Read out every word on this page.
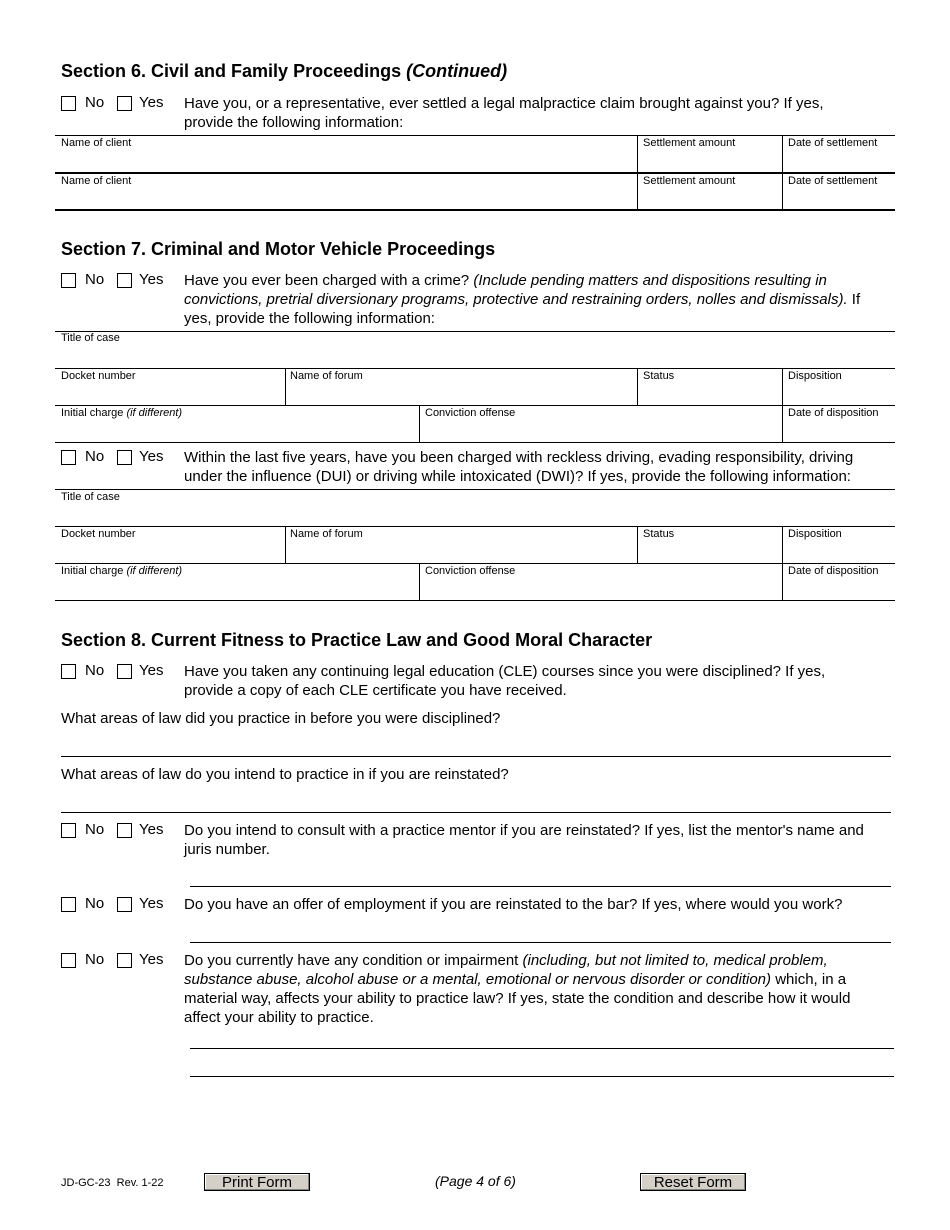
Section 6. Civil and Family Proceedings (Continued)
No Yes Have you, or a representative, ever settled a legal malpractice claim brought against you? If yes, provide the following information:
Name of client	Settlement amount	Date of settlement
Name of client	Settlement amount	Date of settlement
Section 7. Criminal and Motor Vehicle Proceedings
No Yes Have you ever been charged with a crime? (Include pending matters and dispositions resulting in convictions, pretrial diversionary programs, protective and restraining orders, nolles and dismissals). If yes, provide the following information:
Title of case
Docket number	Name of forum	Status	Disposition
Initial charge (if different)	Conviction offense	Date of disposition
No Yes Within the last five years, have you been charged with reckless driving, evading responsibility, driving under the influence (DUI) or driving while intoxicated (DWI)? If yes, provide the following information:
Title of case
Docket number	Name of forum	Status	Disposition
Initial charge (if different)	Conviction offense	Date of disposition
Section 8. Current Fitness to Practice Law and Good Moral Character
No Yes Have you taken any continuing legal education (CLE) courses since you were disciplined? If yes, provide a copy of each CLE certificate you have received.
What areas of law did you practice in before you were disciplined?
What areas of law do you intend to practice in if you are reinstated?
No Yes Do you intend to consult with a practice mentor if you are reinstated? If yes, list the mentor's name and juris number.
No Yes Do you have an offer of employment if you are reinstated to the bar? If yes, where would you work?
No Yes Do you currently have any condition or impairment (including, but not limited to, medical problem, substance abuse, alcohol abuse or a mental, emotional or nervous disorder or condition) which, in a material way, affects your ability to practice law? If yes, state the condition and describe how it would affect your ability to practice.
JD-GC-23 Rev. 1-22	Print Form	(Page 4 of 6)	Reset Form
